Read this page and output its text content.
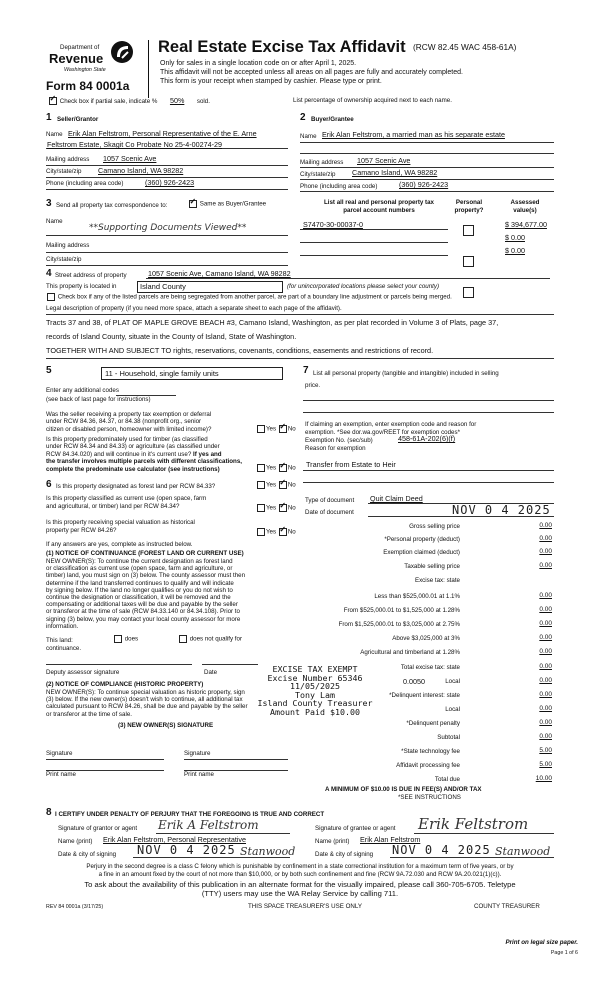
Department of
Revenue
Washington State
Form 84 0001a
Real Estate Excise Tax Affidavit (RCW 82.45 WAC 458-61A)
Only for sales in a single location code on or after April 1, 2025.
This affidavit will not be accepted unless all areas on all pages are fully and accurately completed.
This form is your receipt when stamped by cashier. Please type or print.
✓ Check box if partial sale, indicate % 50% sold.	List percentage of ownership acquired next to each name.
1 Seller/Grantor
Name Erik Alan Feltstrom, Personal Representative of the E. Arne
Feltstrom Estate, Skagit Co Probate No 25-4-00274-29
Mailing address 1057 Scenic Ave
City/state/zip Camano Island, WA 98282
Phone (including area code)	(360) 926-2423
2 Buyer/Grantee
Name Erik Alan Feltstrom, a married man as his separate estate
Mailing address 1057 Scenic Ave
City/state/zip Camano Island, WA 98282
Phone (including area code)	(360) 926-2423
3 Send all property tax correspondence to: ✓	Same as Buyer/Grantee
Name
**Supporting Documents Viewed**
Mailing address
City/state/zip
List all real and personal property tax
parcel account numbers
Personal
property?
Assessed
value(s)
S7470-30-00037-0	$ 394,677.00
$ 0.00
$ 0.00
4 Street address of property	1057 Scenic Ave, Camano Island, WA 98282
This property is located in	Island County	(for unincorporated locations please select your county)
Check box if any of the listed parcels are being segregated from another parcel, are part of a boundary line adjustment or parcels being merged.
Legal description of property (if you need more space, attach a separate sheet to each page of the affidavit).
Tracts 37 and 38, of PLAT OF MAPLE GROVE BEACH #3, Camano Island, Washington, as per plat recorded in Volume 3 of Plats, page 37,
records of Island County, situate in the County of Island, State of Washington.
TOGETHER WITH AND SUBJECT TO rights, reservations, covenants, conditions, easements and restrictions of record.
5	11 - Household, single family units
Enter any additional codes
(see back of last page for instructions)
Was the seller receiving a property tax exemption or deferral
under RCW 84.36, 84.37, or 84.38 (nonprofit org., senior
citizen or disabled person, homeowner with limited income)?	Yes ✓ No
Is this property predominately used for timber (as classified
under RCW 84.34 and 84.33) or agriculture (as classified under
RCW 84.34.020) and will continue in it's current use? If yes and
the transfer involves multiple parcels with different classifications,
complete the predominate use calculator (see instructions)	Yes ✓ No
6 Is this property designated as forest land per RCW 84.33?	Yes ✓ No
Is this property classified as current use (open space, farm
and agricultural, or timber) land per RCW 84.34?	Yes ✓ No
Is this property receiving special valuation as historical
property per RCW 84.26?	Yes ✓ No
If any answers are yes, complete as instructed below.
(1) NOTICE OF CONTINUANCE (FOREST LAND OR CURRENT USE)
NEW OWNER(S): To continue the current designation as forest land
or classification as current use (open space, farm and agriculture, or
timber) land, you must sign on (3) below. The county assessor must then
determine if the land transferred continues to qualify and will indicate
by signing below. If the land no longer qualifies or you do not wish to
continue the designation or classification, it will be removed and the
compensating or additional taxes will be due and payable by the seller
or transferor at the time of sale (RCW 84.33.140 or 84.34.108). Prior to
signing (3) below, you may contact your local county assessor for more
information.
This land:
continuance.
does	does not qualify for
Deputy assessor signature	Date
(2) NOTICE OF COMPLIANCE (HISTORIC PROPERTY)
NEW OWNER(S): To continue special valuation as historic property, sign
(3) below. If the new owner(s) doesn't wish to continue, all additional tax
calculated pursuant to RCW 84.26, shall be due and payable by the seller
or transferor at the time of sale.
(3) NEW OWNER(S) SIGNATURE
Signature	Signature
Print name	Print name
7 List all personal property (tangible and intangible) included in selling
price.
If claiming an exemption, enter exemption code and reason for
exemption. *See dor.wa.gov/REET for exemption codes*
Exemption No. (sec/sub)	458-61A-202(6)(f)
Reason for exemption
Transfer from Estate to Heir
Type of document Quit Claim Deed
Date of document	NOV 0 4 2025
Gross selling price	0.00
*Personal property (deduct)	0.00
Exemption claimed (deduct)	0.00
Taxable selling price	0.00
Excise tax: state
Less than $525,000.01 at 1.1%	0.00
From $525,000.01 to $1,525,000 at 1.28%	0.00
From $1,525,000.01 to $3,025,000 at 2.75%	0.00
Above $3,025,000 at 3%	0.00
Agricultural and timberland at 1.28%	0.00
Total excise tax: state	0.00
0.0050	Local	0.00
*Delinquent interest: state	0.00
Local	0.00
*Delinquent penalty	0.00
Subtotal	0.00
*State technology fee	5.00
Affidavit processing fee	5.00
Total due	10.00
A MINIMUM OF $10.00 IS DUE IN FEE(S) AND/OR TAX
*SEE INSTRUCTIONS
EXCISE TAX EXEMPT
Excise Number 65346
11/05/2025
Tony Lam
Island County Treasurer
Amount Paid $10.00
8 I CERTIFY UNDER PENALTY OF PERJURY THAT THE FOREGOING IS TRUE AND CORRECT
Signature of grantor or agent Erik A Feltstrom
Name (print) Erik Alan Feltstrom, Personal Representative
Date & city of signing NOV 0 4 2025 Stanwood
Signature of grantee or agent Erik Feltstrom
Name (print) Erik Alan Feltstrom
Date & city of signing NOV 0 4 2025 Stanwood
Perjury in the second degree is a class C felony which is punishable by confinement in a state correctional institution for a maximum term of five years, or by
a fine in an amount fixed by the court of not more than $10,000, or by both such confinement and fine (RCW 9A.72.030 and RCW 9A.20.021(1)(c)).
To ask about the availability of this publication in an alternate format for the visually impaired, please call 360-705-6705. Teletype
(TTY) users may use the WA Relay Service by calling 711.
REV 84 0001a (3/17/25)	THIS SPACE TREASURER'S USE ONLY	COUNTY TREASURER
Print on legal size paper.
Page 1 of 6
